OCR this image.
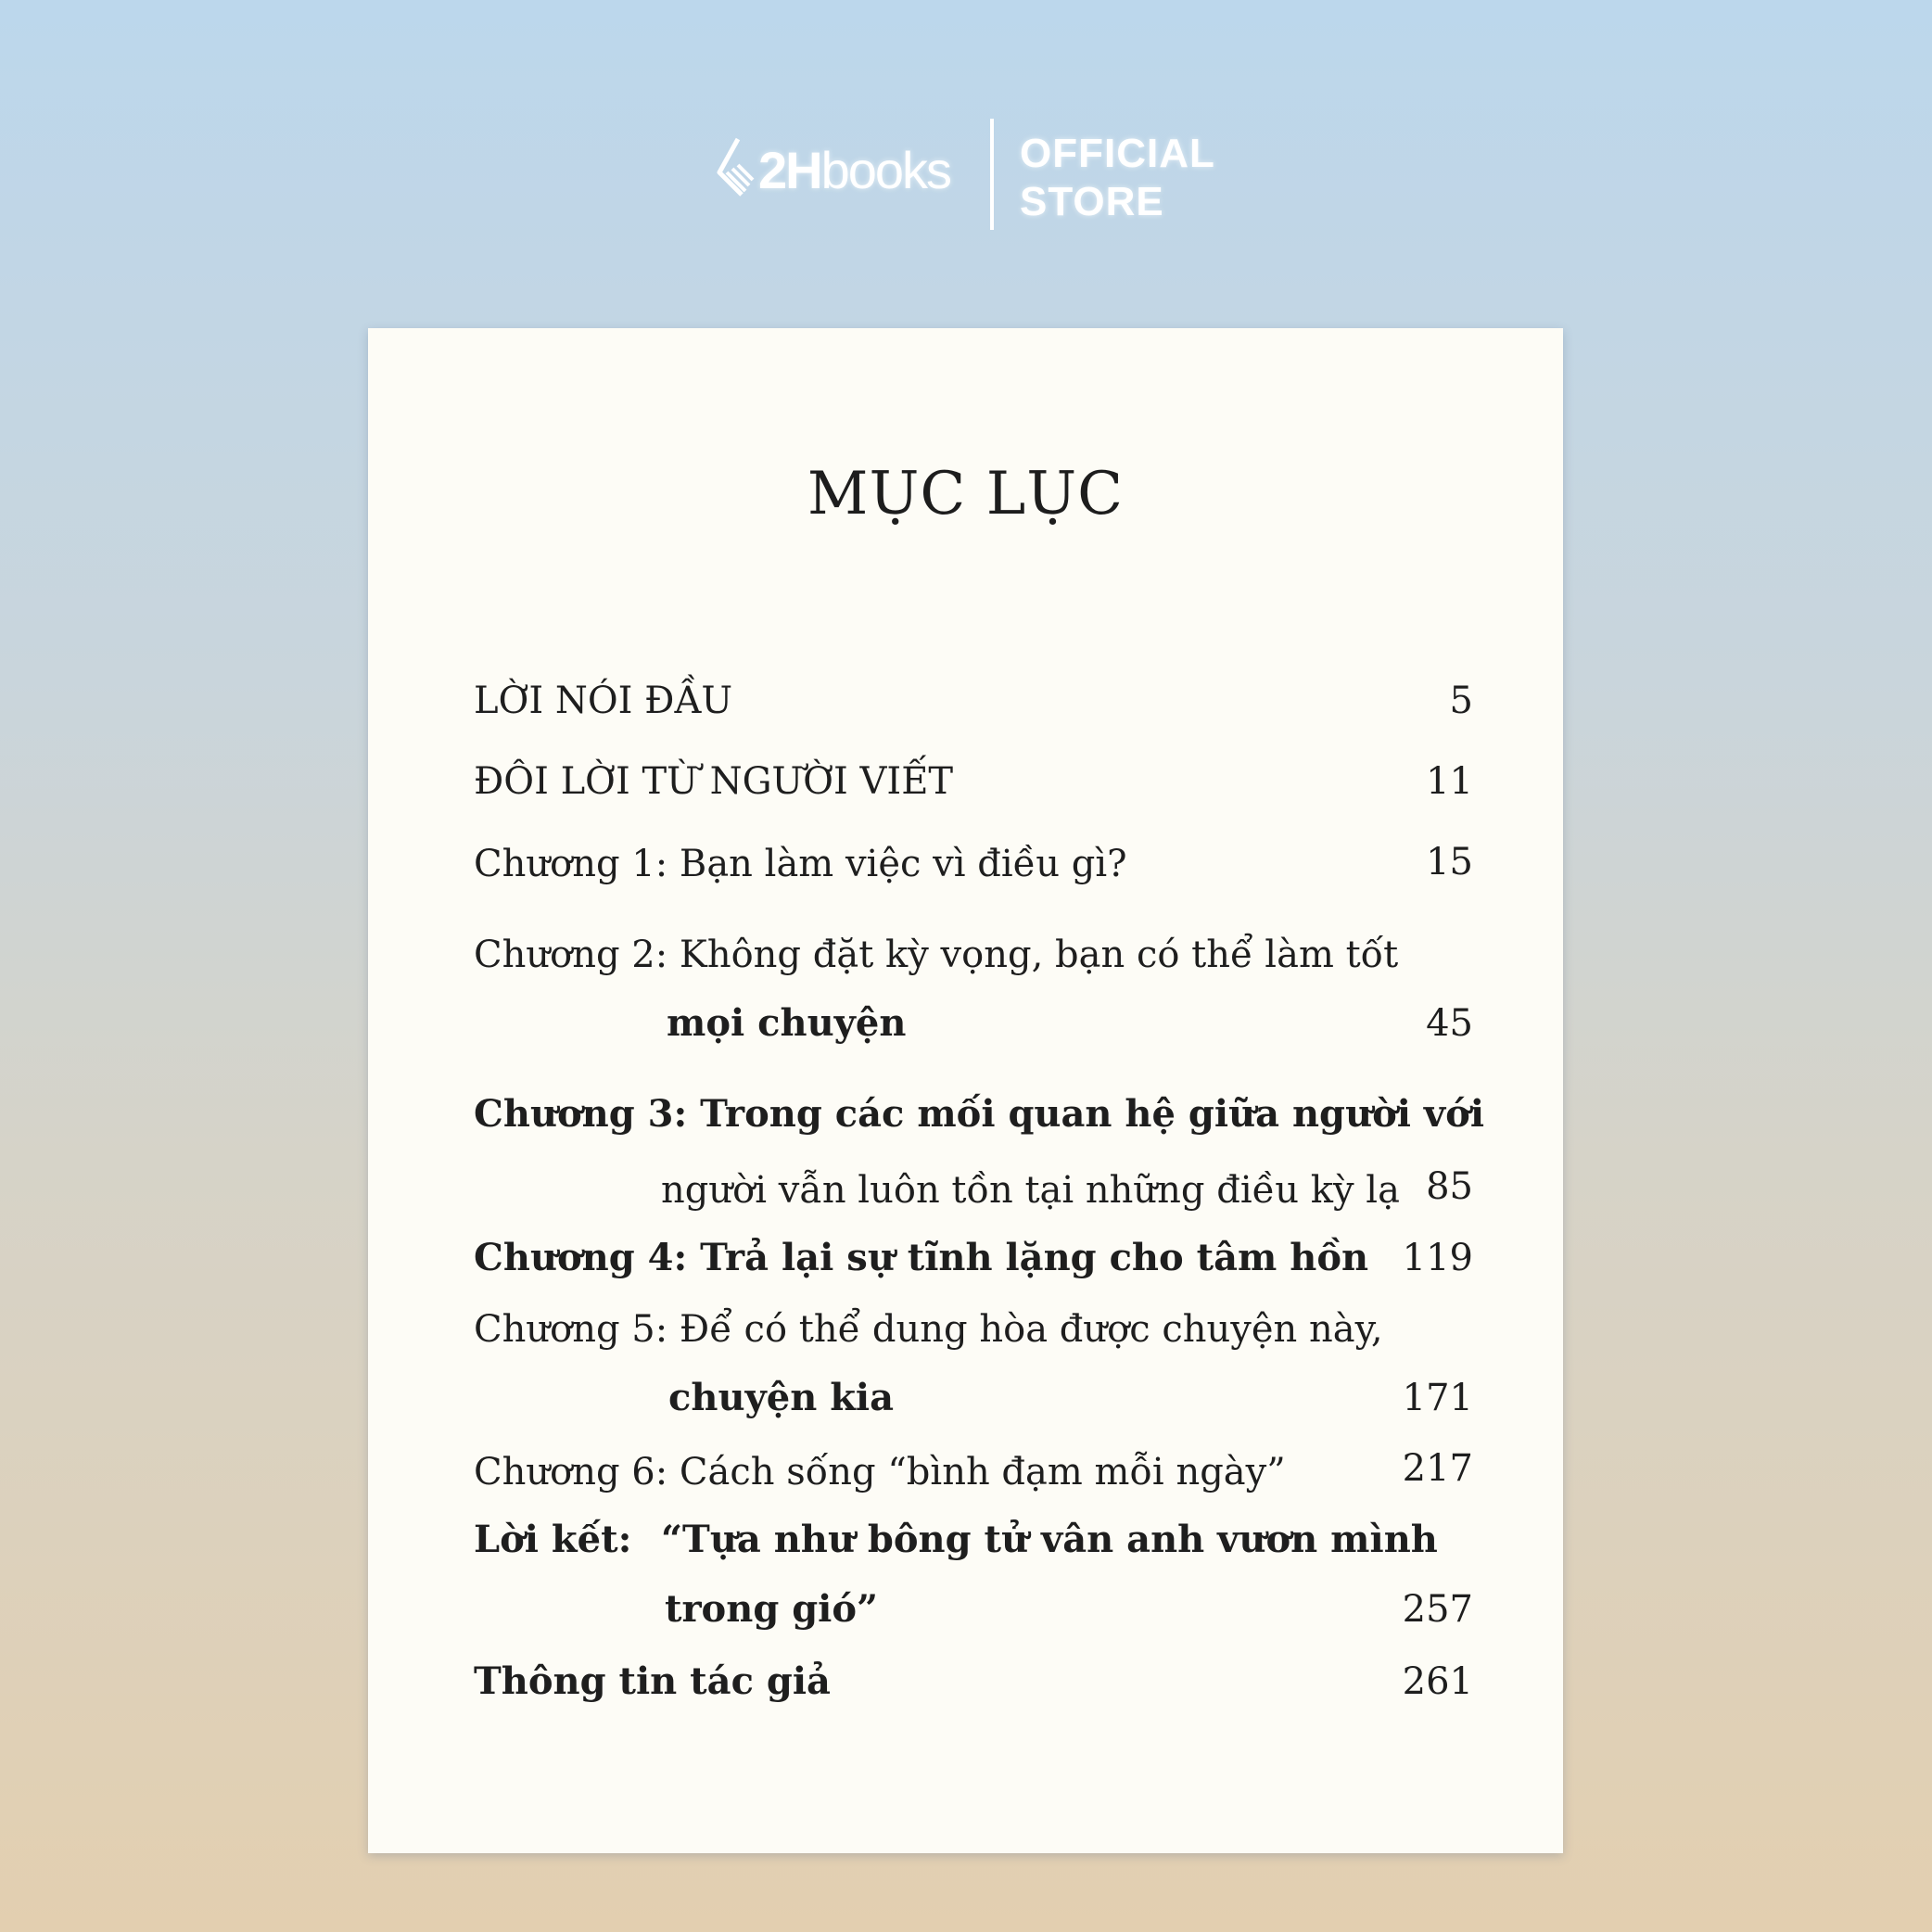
2Hbooks OFFICIAL
STORE
MỤC LỤC
LỜI NÓI ĐẦU	5
ĐÔI LỜI TỪ NGƯỜI VIẾT	11
Chương 1: Bạn làm việc vì điều gì?	15
Chương 2: Không đặt kỳ vọng, bạn có thể làm tốt
mọi chuyện	45
Chương 3: Trong các mối quan hệ giữa người với
người vẫn luôn tồn tại những điều kỳ lạ 85
Chương 4: Trả lại sự tĩnh lặng cho tâm hồn 119
Chương 5: Để có thể dung hòa được chuyện này,
chuyện kia	171
Chương 6: Cách sống “bình đạm mỗi ngày”	217
Lời kết: “Tựa như bông tử vân anh vươn mình
trong gió”	257
Thông tin tác giả	261
